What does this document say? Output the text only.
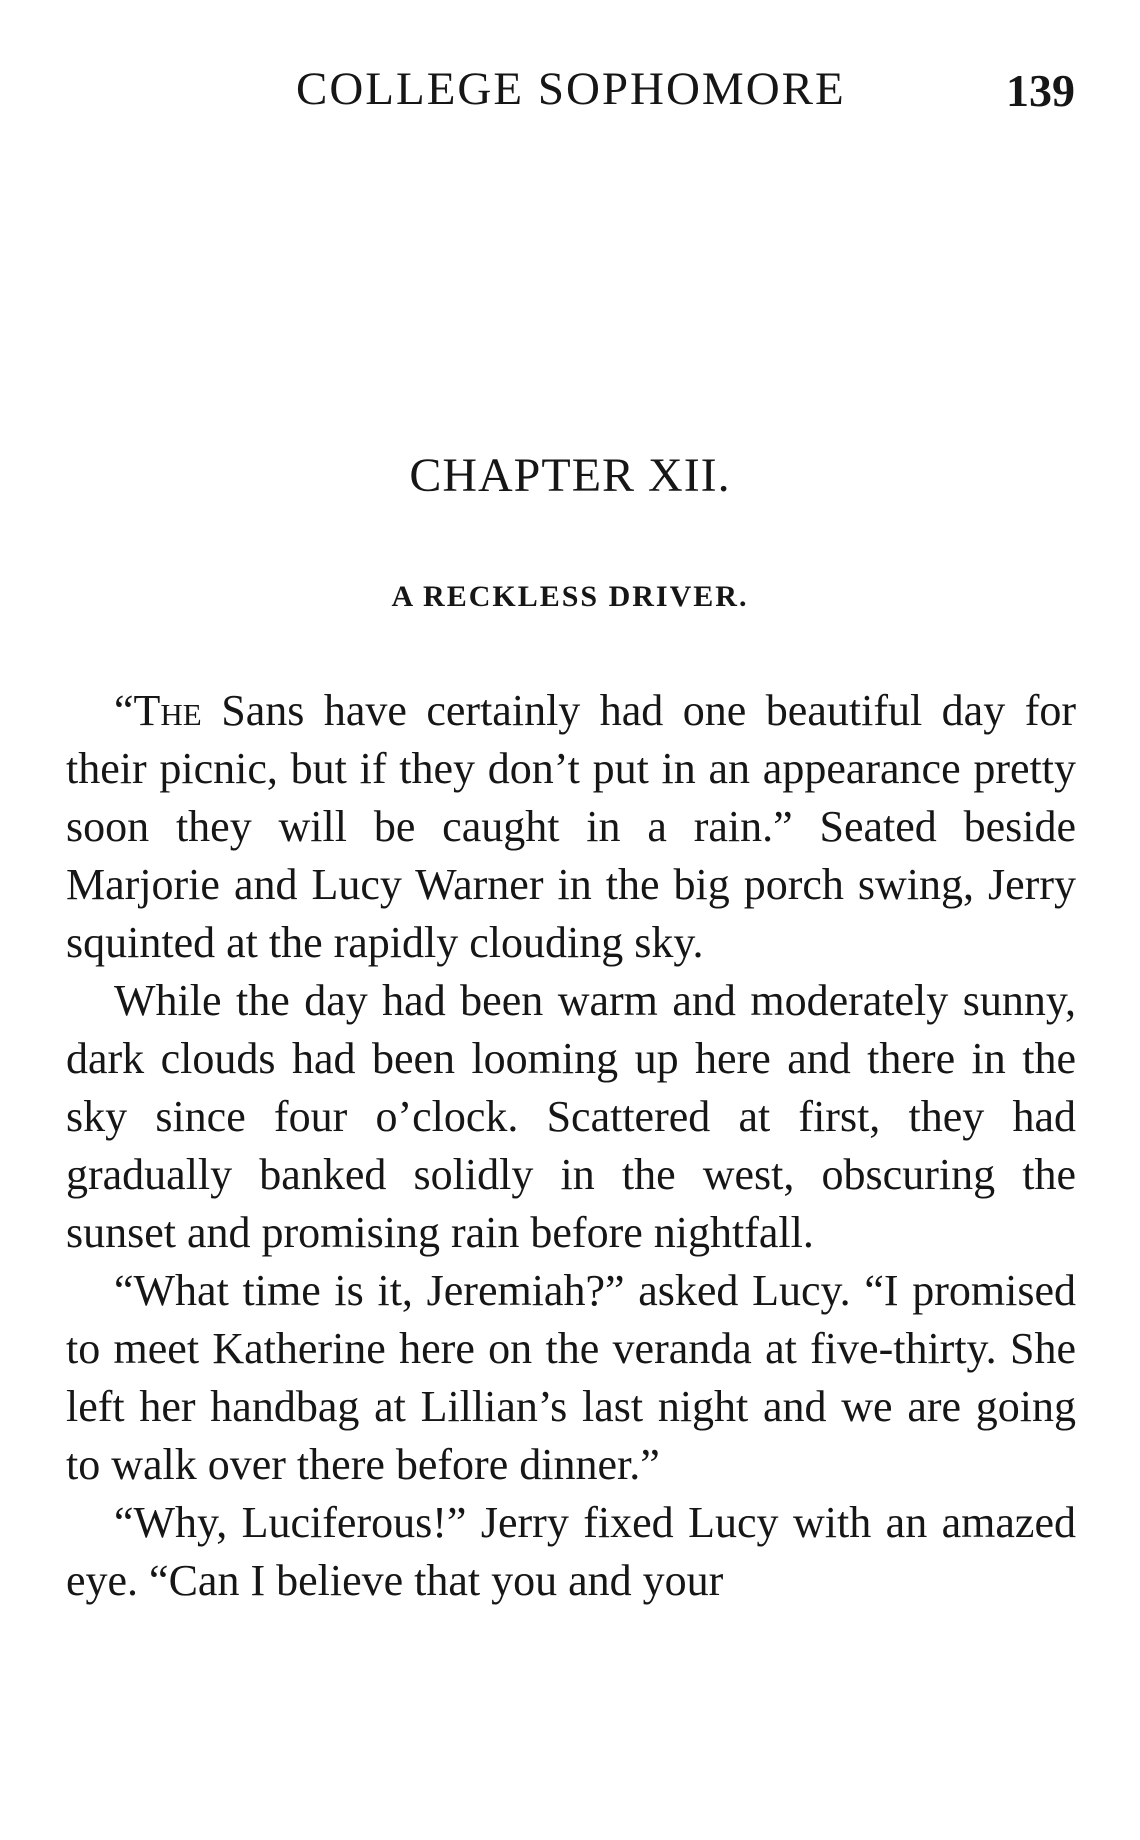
COLLEGE SOPHOMORE	139
CHAPTER XII.
A RECKLESS DRIVER.

“The Sans have certainly had one beautiful day for their picnic, but if they don’t put in an appearance pretty soon they will be caught in a rain.” Seated beside Marjorie and Lucy Warner in the big porch swing, Jerry squinted at the rapidly clouding sky.

While the day had been warm and moderately sunny, dark clouds had been looming up here and there in the sky since four o’clock. Scattered at first, they had gradually banked solidly in the west, obscuring the sunset and promising rain before nightfall.

“What time is it, Jeremiah?” asked Lucy. “I promised to meet Katherine here on the veranda at five-thirty. She left her handbag at Lillian’s last night and we are going to walk over there before dinner.”

“Why, Luciferous!” Jerry fixed Lucy with an amazed eye. “Can I believe that you and your
